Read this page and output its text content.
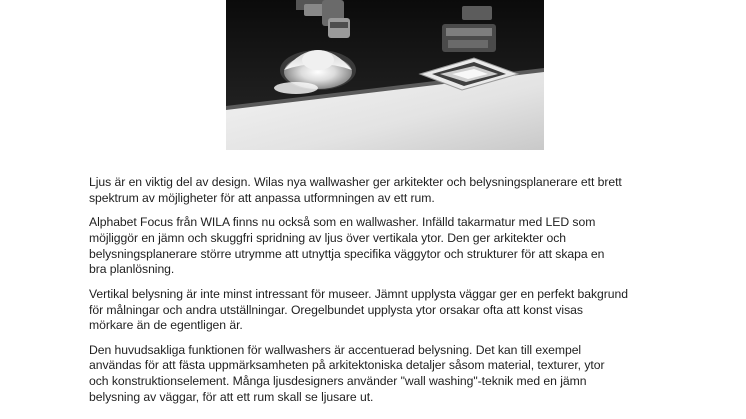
Ljus är en viktig del av design. Wilas nya wallwasher ger arkitekter och belysningsplanerare ett brett
spektrum av möjligheter för att anpassa utformningen av ett rum.

Alphabet Focus från WILA finns nu också som en wallwasher. Infälld takarmatur med LED som
möjliggör en jämn och skuggfri spridning av ljus över vertikala ytor. Den ger arkitekter och
belysningsplanerare större utrymme att utnyttja specifika väggytor och strukturer för att skapa en
bra planlösning.

Vertikal belysning är inte minst intressant för museer. Jämnt upplysta väggar ger en perfekt bakgrund
för målningar och andra utställningar. Oregelbundet upplysta ytor orsakar ofta att konst visas
mörkare än de egentligen är.

Den huvudsakliga funktionen för wallwashers är accentuerad belysning. Det kan till exempel
användas för att fästa uppmärksamheten på arkitektoniska detaljer såsom material, texturer, ytor
och konstruktionselement. Många ljusdesigners använder "wall washing"-teknik med en jämn
belysning av väggar, för att ett rum skall se ljusare ut.
